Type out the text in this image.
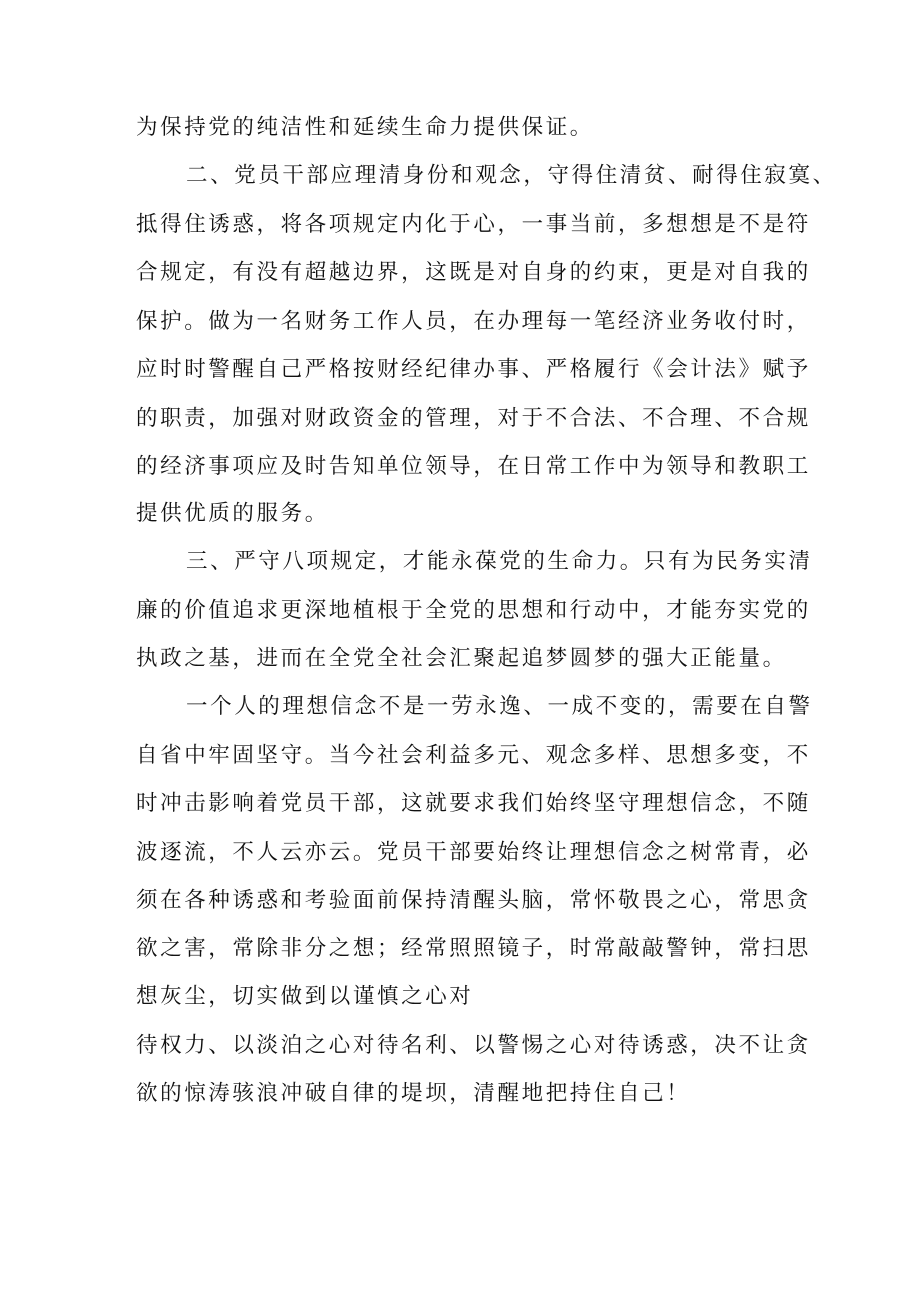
为保持党的纯洁性和延续生命力提供保证。

二、党员干部应理清身份和观念，守得住清贫、耐得住寂寞、

抵得住诱惑，将各项规定内化于心，一事当前，多想想是不是符

合规定，有没有超越边界，这既是对自身的约束，更是对自我的

保护。做为一名财务工作人员，在办理每一笔经济业务收付时，

应时时警醒自己严格按财经纪律办事、严格履行《会计法》赋予

的职责，加强对财政资金的管理，对于不合法、不合理、不合规

的经济事项应及时告知单位领导，在日常工作中为领导和教职工

提供优质的服务。

三、严守八项规定，才能永葆党的生命力。只有为民务实清

廉的价值追求更深地植根于全党的思想和行动中，才能夯实党的

执政之基，进而在全党全社会汇聚起追梦圆梦的强大正能量。

一个人的理想信念不是一劳永逸、一成不变的，需要在自警

自省中牢固坚守。当今社会利益多元、观念多样、思想多变，不

时冲击影响着党员干部，这就要求我们始终坚守理想信念，不随

波逐流，不人云亦云。党员干部要始终让理想信念之树常青，必

须在各种诱惑和考验面前保持清醒头脑，常怀敬畏之心，常思贪

欲之害，常除非分之想；经常照照镜子，时常敲敲警钟，常扫思

想灰尘，切实做到以谨慎之心对

待权力、以淡泊之心对待名利、以警惕之心对待诱惑，决不让贪

欲的惊涛骇浪冲破自律的堤坝，清醒地把持住自己！
